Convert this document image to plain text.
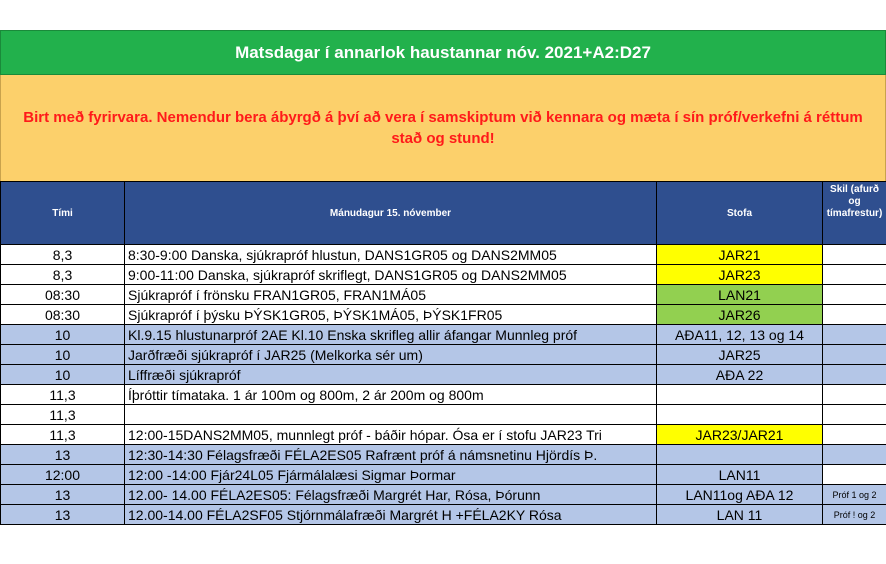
Matsdagar í annarlok haustannar nóv. 2021+A2:D27
Birt með fyrirvara. Nemendur bera ábyrgð á því að vera í samskiptum við kennara og mæta í sín próf/verkefni á réttum stað og stund!
Tími	Mánudagur 15. nóvember	Stofa	Skil (afurð og tímafrestur)
8,3	8:30-9:00 Danska, sjúkrapróf hlustun, DANS1GR05 og DANS2MM05	JAR21	
8,3	9:00-11:00 Danska, sjúkrapróf skriflegt, DANS1GR05 og DANS2MM05	JAR23	
08:30	Sjúkrapróf í frönsku FRAN1GR05, FRAN1MÁ05	LAN21	
08:30	Sjúkrapróf í þýsku ÞÝSK1GR05, ÞÝSK1MÁ05, ÞÝSK1FR05	JAR26	
10	Kl.9.15 hlustunarpróf 2AE Kl.10 Enska skrifleg allir áfangar Munnleg próf	AÐA11, 12, 13 og 14	
10	Jarðfræði sjúkrapróf í JAR25 (Melkorka sér um)	JAR25	
10	Líffræði sjúkrapróf	AÐA 22	
11,3	Íþróttir tímataka. 1 ár 100m og 800m, 2 ár 200m og 800m		
11,3			
11,3	12:00-15DANS2MM05, munnlegt próf - báðir hópar. Ósa er í stofu JAR23 Tri	JAR23/JAR21	
13	12:30-14:30 Félagsfræði FÉLA2ES05 Rafrænt próf á námsnetinu Hjördís Þ.		
12:00	12:00 -14:00 Fjár24L05 Fjármálalæsi Sigmar Þormar	LAN11	
13	12.00- 14.00 FÉLA2ES05: Félagsfræði Margrét Har, Rósa, Þórunn	LAN11og AÐA 12	Próf 1 og 2
13	12.00-14.00 FÉLA2SF05 Stjórnmálafræði Margrét H +FÉLA2KY Rósa	LAN 11	Próf ! og 2
